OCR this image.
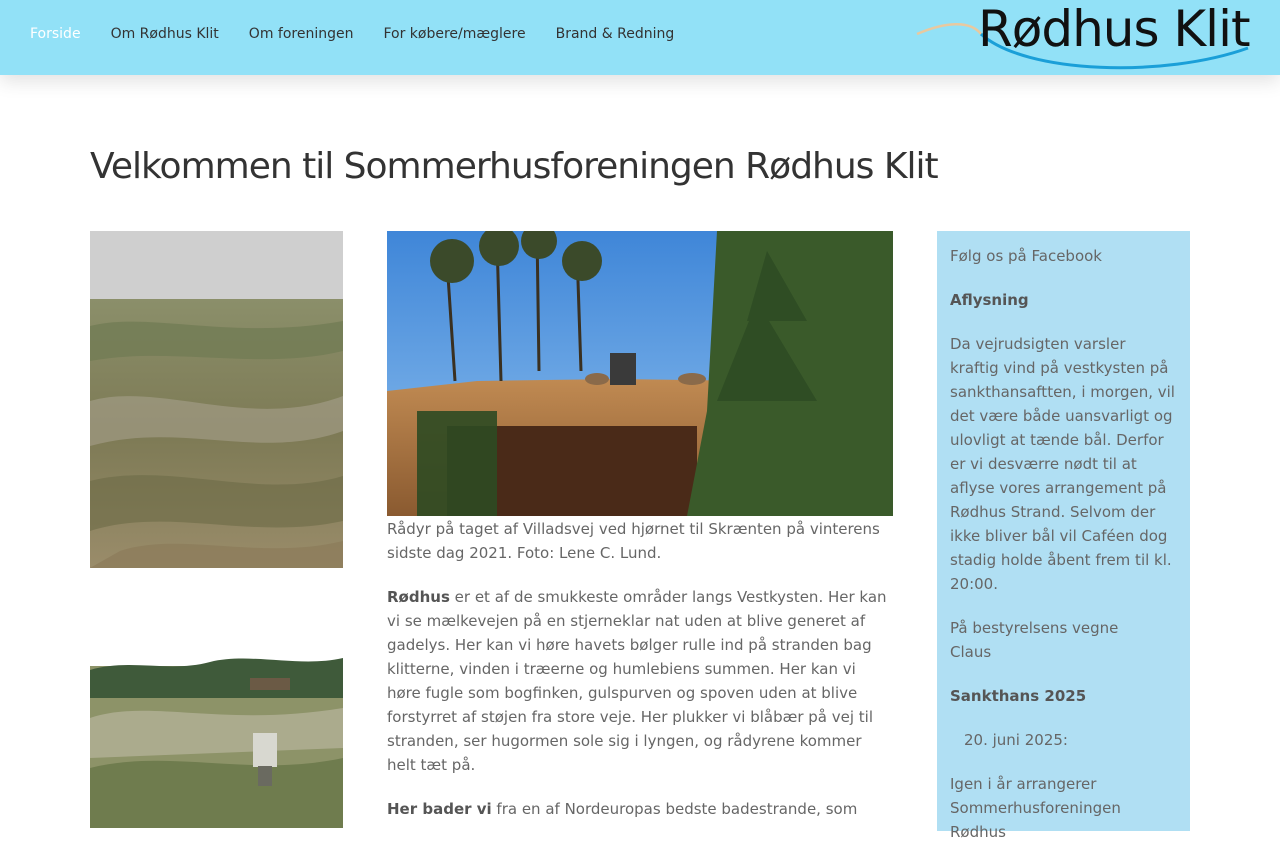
Forside Om Rødhus Klit Om foreningen For købere/mæglere Brand & Redning	Rødhus Klit
Velkommen til Sommerhusforeningen Rødhus Klit

Rådyr på taget af Villadsvej ved hjørnet til Skrænten på vinterens sidste dag 2021. Foto: Lene C. Lund.

Rødhus er et af de smukkeste områder langs Vestkysten. Her kan vi se mælkevejen på en stjerneklar nat uden at blive generet af gadelys. Her kan vi høre havets bølger rulle ind på stranden bag klitterne, vinden i træerne og humlebiens summen. Her kan vi høre fugle som bogfinken, gulspurven og spoven uden at blive forstyrret af støjen fra store veje. Her plukker vi blåbær på vej til stranden, ser hugormen sole sig i lyngen, og rådyrene kommer helt tæt på.

Her bader vi fra en af Nordeuropas bedste badestrande, som

Følg os på Facebook

Aflysning

Da vejrudsigten varsler kraftig vind på vestkysten på sankthansaftten, i morgen, vil det være både uansvarligt og ulovligt at tænde bål. Derfor er vi desværre nødt til at aflyse vores arrangement på Rødhus Strand. Selvom der ikke bliver bål vil Caféen dog stadig holde åbent frem til kl. 20:00.

På bestyrelsens vegne
Claus

Sankthans 2025

20. juni 2025:

Igen i år arrangerer Sommerhusforeningen Rødhus
